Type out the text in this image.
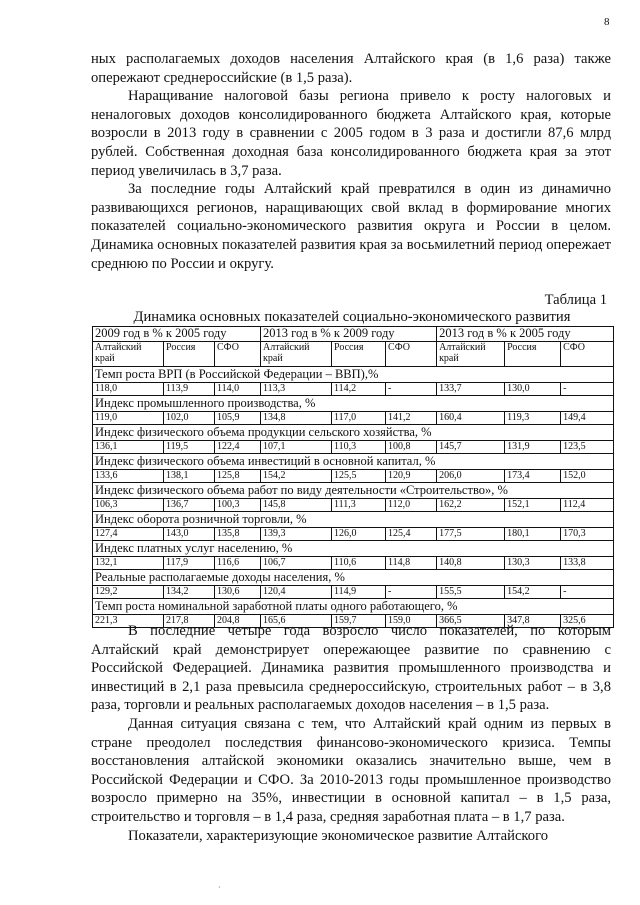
8

ных располагаемых доходов населения Алтайского края (в 1,6 раза) также опережают среднероссийские (в 1,5 раза).

Наращивание налоговой базы региона привело к росту налоговых и неналоговых доходов консолидированного бюджета Алтайского края, которые возросли в 2013 году в сравнении с 2005 годом в 3 раза и достигли 87,6 млрд рублей. Собственная доходная база консолидированного бюджета края за этот период увеличилась в 3,7 раза.

За последние годы Алтайский край превратился в один из динамично развивающихся регионов, наращивающих свой вклад в формирование многих показателей социально-экономического развития округа и России в целом. Динамика основных показателей развития края за восьмилетний период опережает среднюю по России и округу.

Таблица 1
Динамика основных показателей социально-экономического развития
2009 год в % к 2005 году			2013 год в % к 2009 году			2013 год в % к 2005 году		
Алтайский край	Россия	СФО	Алтайский край	Россия	СФО	Алтайский край	Россия	СФО
Темп роста ВРП (в Российской Федерации – ВВП),%								
118,0	113,9	114,0	113,3	114,2	-	133,7	130,0	-
Индекс промышленного производства, %								
119,0	102,0	105,9	134,8	117,0	141,2	160,4	119,3	149,4
Индекс физического объема продукции сельского хозяйства, %								
136,1	119,5	122,4	107,1	110,3	100,8	145,7	131,9	123,5
Индекс физического объема инвестиций в основной капитал, %								
133,6	138,1	125,8	154,2	125,5	120,9	206,0	173,4	152,0
Индекс физического объема работ по виду деятельности «Строительство», %								
106,3	136,7	100,3	145,8	111,3	112,0	162,2	152,1	112,4
Индекс оборота розничной торговли, %								
127,4	143,0	135,8	139,3	126,0	125,4	177,5	180,1	170,3
Индекс платных услуг населению, %								
132,1	117,9	116,6	106,7	110,6	114,8	140,8	130,3	133,8
Реальные располагаемые доходы населения, %								
129,2	134,2	130,6	120,4	114,9	-	155,5	154,2	-
Темп роста номинальной заработной платы одного работающего, %								
221,3	217,8	204,8	165,6	159,7	159,0	366,5	347,8	325,6

В последние четыре года возросло число показателей, по которым Алтайский край демонстрирует опережающее развитие по сравнению с Российской Федерацией. Динамика развития промышленного производства и инвестиций в 2,1 раза превысила среднероссийскую, строительных работ – в 3,8 раза, торговли и реальных располагаемых доходов населения – в 1,5 раза.

Данная ситуация связана с тем, что Алтайский край одним из первых в стране преодолел последствия финансово-экономического кризиса. Темпы восстановления алтайской экономики оказались значительно выше, чем в Российской Федерации и СФО. За 2010-2013 годы промышленное производство возросло примерно на 35%, инвестиции в основной капитал – в 1,5 раза, строительство и торговля – в 1,4 раза, средняя заработная плата – в 1,7 раза.

Показатели, характеризующие экономическое развитие Алтайского

·
